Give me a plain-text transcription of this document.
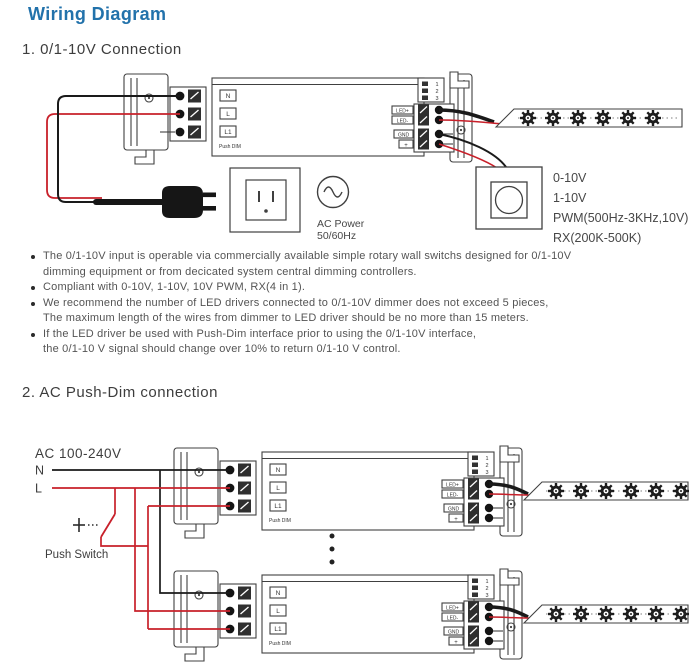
Wiring Diagram
1. 0/1-10V Connection
2. AC Push-Dim connection
AC Power
50/60Hz
0-10V
1-10V
PWM(500Hz-3KHz,10V)
RX(200K-500K)
The 0/1-10V input is operable via commercially available simple rotary wall switchs designed for 0/1-10V
dimming equipment or from decicated system central dimming controllers.
Compliant with 0-10V, 1-10V, 10V PWM, RX(4 in 1).
We recommend the number of LED drivers connected to 0/1-10V dimmer does not exceed 5 pieces,
The maximum length of the wires from dimmer to LED driver should be no more than 15 meters.
If the LED driver be used with Push-Dim interface prior to using the 0/1-10V interface,
the 0/1-10 V signal should change over 10% to return 0/1-10 V control.
AC 100-240V
N
L
Push Switch
